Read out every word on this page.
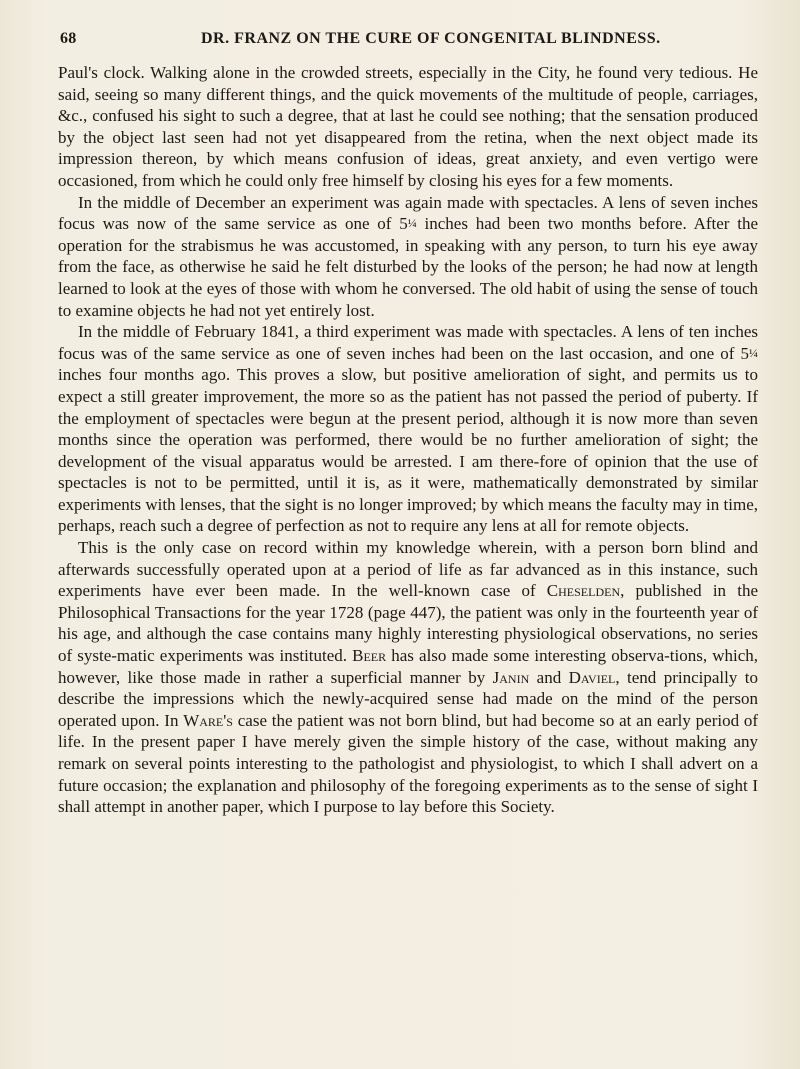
68	DR. FRANZ ON THE CURE OF CONGENITAL BLINDNESS.

Paul's clock. Walking alone in the crowded streets, especially in the City, he found very tedious. He said, seeing so many different things, and the quick movements of the multitude of people, carriages, &c., confused his sight to such a degree, that at last he could see nothing; that the sensation produced by the object last seen had not yet disappeared from the retina, when the next object made its impression thereon, by which means confusion of ideas, great anxiety, and even vertigo were occasioned, from which he could only free himself by closing his eyes for a few moments.

In the middle of December an experiment was again made with spectacles. A lens of seven inches focus was now of the same service as one of 5¼ inches had been two months before. After the operation for the strabismus he was accustomed, in speaking with any person, to turn his eye away from the face, as otherwise he said he felt disturbed by the looks of the person; he had now at length learned to look at the eyes of those with whom he conversed. The old habit of using the sense of touch to examine objects he had not yet entirely lost.

In the middle of February 1841, a third experiment was made with spectacles. A lens of ten inches focus was of the same service as one of seven inches had been on the last occasion, and one of 5¼ inches four months ago. This proves a slow, but positive amelioration of sight, and permits us to expect a still greater improvement, the more so as the patient has not passed the period of puberty. If the employment of spectacles were begun at the present period, although it is now more than seven months since the operation was performed, there would be no further amelioration of sight; the development of the visual apparatus would be arrested. I am there-fore of opinion that the use of spectacles is not to be permitted, until it is, as it were, mathematically demonstrated by similar experiments with lenses, that the sight is no longer improved; by which means the faculty may in time, perhaps, reach such a degree of perfection as not to require any lens at all for remote objects.

This is the only case on record within my knowledge wherein, with a person born blind and afterwards successfully operated upon at a period of life as far advanced as in this instance, such experiments have ever been made. In the well-known case of Cheselden, published in the Philosophical Transactions for the year 1728 (page 447), the patient was only in the fourteenth year of his age, and although the case contains many highly interesting physiological observations, no series of syste-matic experiments was instituted. Beer has also made some interesting observa-tions, which, however, like those made in rather a superficial manner by Janin and Daviel, tend principally to describe the impressions which the newly-acquired sense had made on the mind of the person operated upon. In Ware's case the patient was not born blind, but had become so at an early period of life. In the present paper I have merely given the simple history of the case, without making any remark on several points interesting to the pathologist and physiologist, to which I shall advert on a future occasion; the explanation and philosophy of the foregoing experiments as to the sense of sight I shall attempt in another paper, which I purpose to lay before this Society.
